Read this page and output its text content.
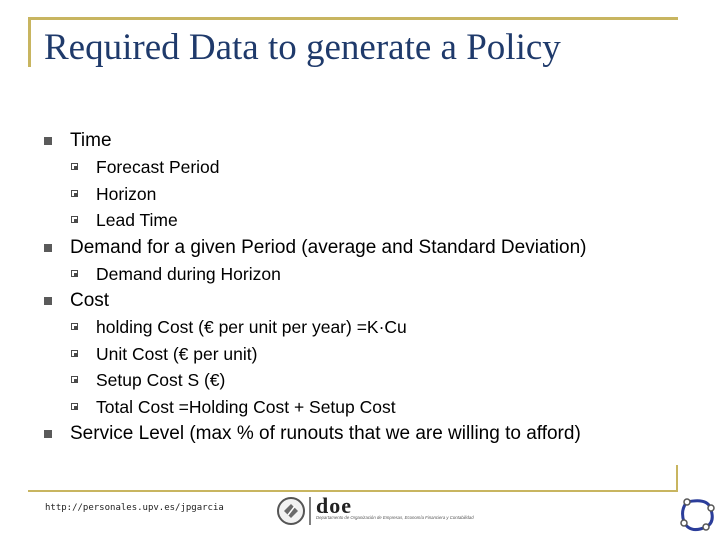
Required Data to generate a Policy
Time
Forecast Period
Horizon
Lead Time
Demand for a given Period (average and Standard Deviation)
Demand during Horizon
Cost
holding Cost (€ per unit per year) =K·Cu
Unit Cost (€ per unit)
Setup Cost S (€)
Total Cost =Holding Cost + Setup Cost
Service Level (max % of runouts that we are willing to afford)
http://personales.upv.es/jpgarcia	doe
Departamento de Organización de Empresas, Economía Financiera y Contabilidad
